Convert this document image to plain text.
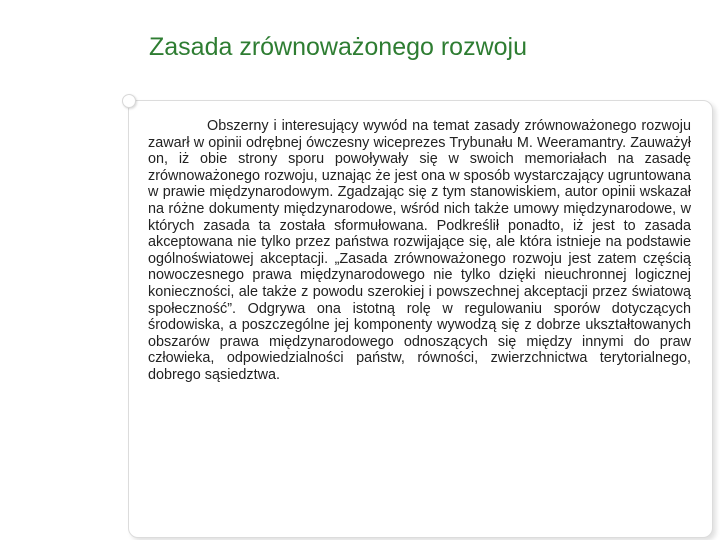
Zasada zrównoważonego rozwoju

Obszerny i interesujący wywód na temat zasady zrównoważonego rozwoju zawarł w opinii odrębnej ówczesny wiceprezes Trybunału M. Weeramantry. Zauważył on, iż obie strony sporu powoływały się w swoich memoriałach na zasadę zrównoważonego rozwoju, uznając że jest ona w sposób wystarczający ugruntowana w prawie międzynarodowym. Zgadzając się z tym stanowiskiem, autor opinii wskazał na różne dokumenty międzynarodowe, wśród nich także umowy międzynarodowe, w których zasada ta została sformułowana. Podkreślił ponadto, iż jest to zasada akceptowana nie tylko przez państwa rozwijające się, ale która istnieje na podstawie ogólnoświatowej akceptacji. „Zasada zrównoważonego rozwoju jest zatem częścią nowoczesnego prawa międzynarodowego nie tylko dzięki nieuchronnej logicznej konieczności, ale także z powodu szerokiej i powszechnej akceptacji przez światową społeczność”. Odgrywa ona istotną rolę w regulowaniu sporów dotyczących środowiska, a poszczególne jej komponenty wywodzą się z dobrze ukształtowanych obszarów prawa międzynarodowego odnoszących się między innymi do praw człowieka, odpowiedzialności państw, równości, zwierzchnictwa terytorialnego, dobrego sąsiedztwa.
